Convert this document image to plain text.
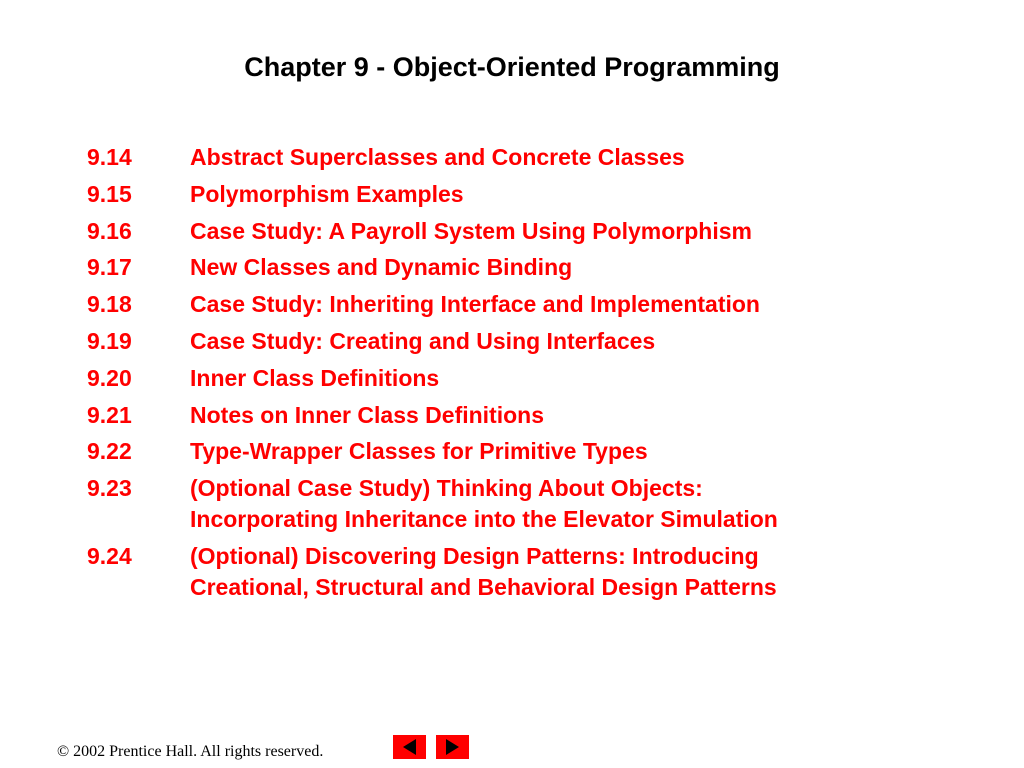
Chapter 9 - Object-Oriented Programming
9.14	Abstract Superclasses and Concrete Classes
9.15	Polymorphism Examples
9.16	Case Study: A Payroll System Using Polymorphism
9.17	New Classes and Dynamic Binding
9.18	Case Study: Inheriting Interface and Implementation
9.19	Case Study: Creating and Using Interfaces
9.20	Inner Class Definitions
9.21	Notes on Inner Class Definitions
9.22	Type-Wrapper Classes for Primitive Types
9.23	(Optional Case Study) Thinking About Objects:
Incorporating Inheritance into the Elevator Simulation
9.24	(Optional) Discovering Design Patterns: Introducing
Creational, Structural and Behavioral Design Patterns
© 2002 Prentice Hall. All rights reserved.
